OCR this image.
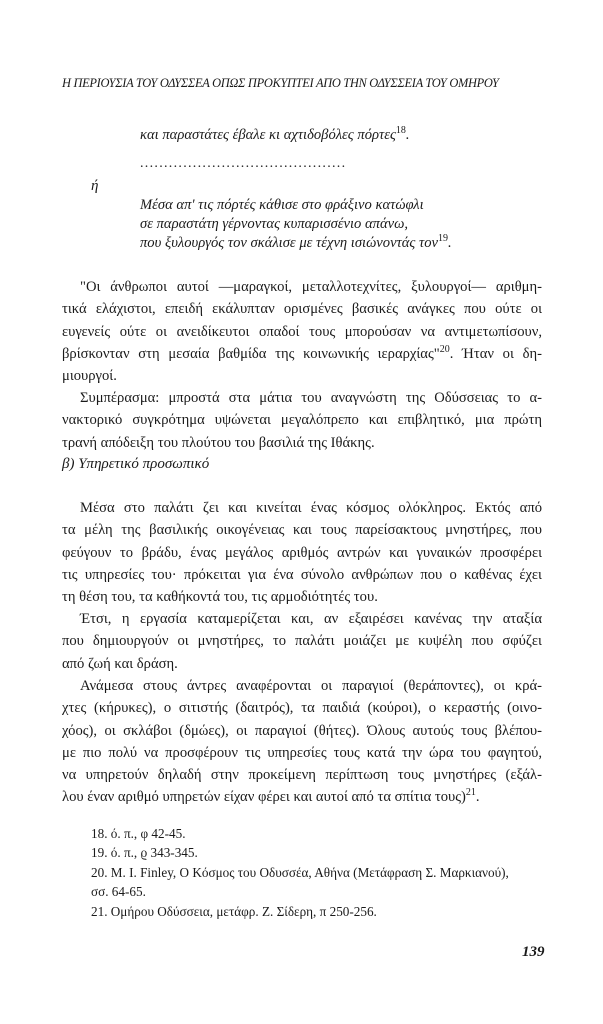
Η ΠΕΡΙΟΥΣΙΑ ΤΟΥ ΟΔΥΣΣΕΑ ΟΠΩΣ ΠΡΟΚΥΠΤΕΙ ΑΠΟ ΤΗΝ ΟΔΥΣΣΕΙΑ ΤΟΥ ΟΜΗΡΟΥ
και παραστάτες έβαλε κι αχτιδοβόλες πόρτες$^{18}$.
...........................................
ή
Μέσα απ' τις πόρτές κάθισε στο φράξινο κατώφλι
σε παραστάτη γέρνοντας κυπαρισσένιο απάνω,
που ξυλουργός τον σκάλισε με τέχνη ισιώνοντάς τον$^{19}$.
"Οι άνθρωποι αυτοί —μαραγκοί, μεταλλοτεχνίτες, ξυλουργοί— αριθμη-
τικά ελάχιστοι, επειδή εκάλυπταν ορισμένες βασικές ανάγκες που ούτε οι
ευγενείς ούτε οι ανειδίκευτοι οπαδοί τους μπορούσαν να αντιμετωπίσουν,
βρίσκονταν στη μεσαία βαθμίδα της κοινωνικής ιεραρχίας"$^{20}$. Ήταν οι δη-
μιουργοί.
Συμπέρασμα: μπροστά στα μάτια του αναγνώστη της Οδύσσειας το α-
νακτορικό συγκρότημα υψώνεται μεγαλόπρεπο και επιβλητικό, μια πρώτη
τρανή απόδειξη του πλούτου του βασιλιά της Ιθάκης.
β) Υπηρετικό προσωπικό
Μέσα στο παλάτι ζει και κινείται ένας κόσμος ολόκληρος. Εκτός από
τα μέλη της βασιλικής οικογένειας και τους παρείσακτους μνηστήρες, που
φεύγουν το βράδυ, ένας μεγάλος αριθμός αντρών και γυναικών προσφέρει
τις υπηρεσίες του· πρόκειται για ένα σύνολο ανθρώπων που ο καθένας έχει
τη θέση του, τα καθήκοντά του, τις αρμοδιότητές του.
Έτσι, η εργασία καταμερίζεται και, αν εξαιρέσει κανένας την αταξία
που δημιουργούν οι μνηστήρες, το παλάτι μοιάζει με κυψέλη που σφύζει
από ζωή και δράση.
Ανάμεσα στους άντρες αναφέρονται οι παραγιοί (θεράποντες), οι κρά-
χτες (κήρυκες), ο σιτιστής (δαιτρός), τα παιδιά (κούροι), ο κεραστής (οινο-
χόος), οι σκλάβοι (δμώες), οι παραγιοί (θήτες). Όλους αυτούς τους βλέπου-
με πιο πολύ να προσφέρουν τις υπηρεσίες τους κατά την ώρα του φαγητού,
να υπηρετούν δηλαδή στην προκείμενη περίπτωση τους μνηστήρες (εξάλ-
λου έναν αριθμό υπηρετών είχαν φέρει και αυτοί από τα σπίτια τους)$^{21}$.
18. ό. π., φ 42-45.
19. ό. π., ϱ 343-345.
20. M. I. Finley, Ο Κόσμος του Οδυσσέα, Αθήνα (Μετάφραση Σ. Μαρκιανού),
σσ. 64-65.
21. Ομήρου Οδύσσεια, μετάφρ. Ζ. Σίδερη, π 250-256.
139
